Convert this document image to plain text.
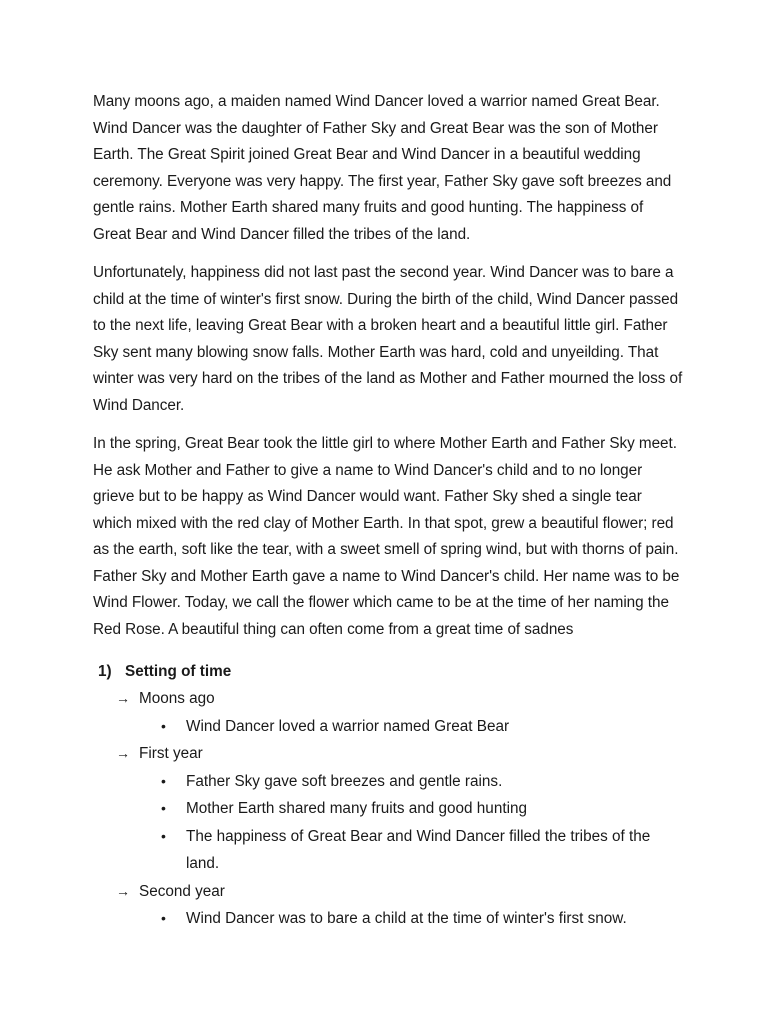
Many moons ago, a maiden named Wind Dancer loved a warrior named Great Bear. Wind Dancer was the daughter of Father Sky and Great Bear was the son of Mother Earth. The Great Spirit joined Great Bear and Wind Dancer in a beautiful wedding ceremony. Everyone was very happy. The first year, Father Sky gave soft breezes and gentle rains. Mother Earth shared many fruits and good hunting. The happiness of Great Bear and Wind Dancer filled the tribes of the land.

Unfortunately, happiness did not last past the second year. Wind Dancer was to bare a child at the time of winter's first snow. During the birth of the child, Wind Dancer passed to the next life, leaving Great Bear with a broken heart and a beautiful little girl. Father Sky sent many blowing snow falls. Mother Earth was hard, cold and unyeilding. That winter was very hard on the tribes of the land as Mother and Father mourned the loss of Wind Dancer.

In the spring, Great Bear took the little girl to where Mother Earth and Father Sky meet. He ask Mother and Father to give a name to Wind Dancer's child and to no longer grieve but to be happy as Wind Dancer would want. Father Sky shed a single tear which mixed with the red clay of Mother Earth. In that spot, grew a beautiful flower; red as the earth, soft like the tear, with a sweet smell of spring wind, but with thorns of pain. Father Sky and Mother Earth gave a name to Wind Dancer's child. Her name was to be Wind Flower. Today, we call the flower which came to be at the time of her naming the Red Rose. A beautiful thing can often come from a great time of sadnes

1) Setting of time

→ Moons ago

• Wind Dancer loved a warrior named Great Bear

→ First year

• Father Sky gave soft breezes and gentle rains.
• Mother Earth shared many fruits and good hunting
• The happiness of Great Bear and Wind Dancer filled the tribes of the land.

→ Second year

• Wind Dancer was to bare a child at the time of winter's first snow.
